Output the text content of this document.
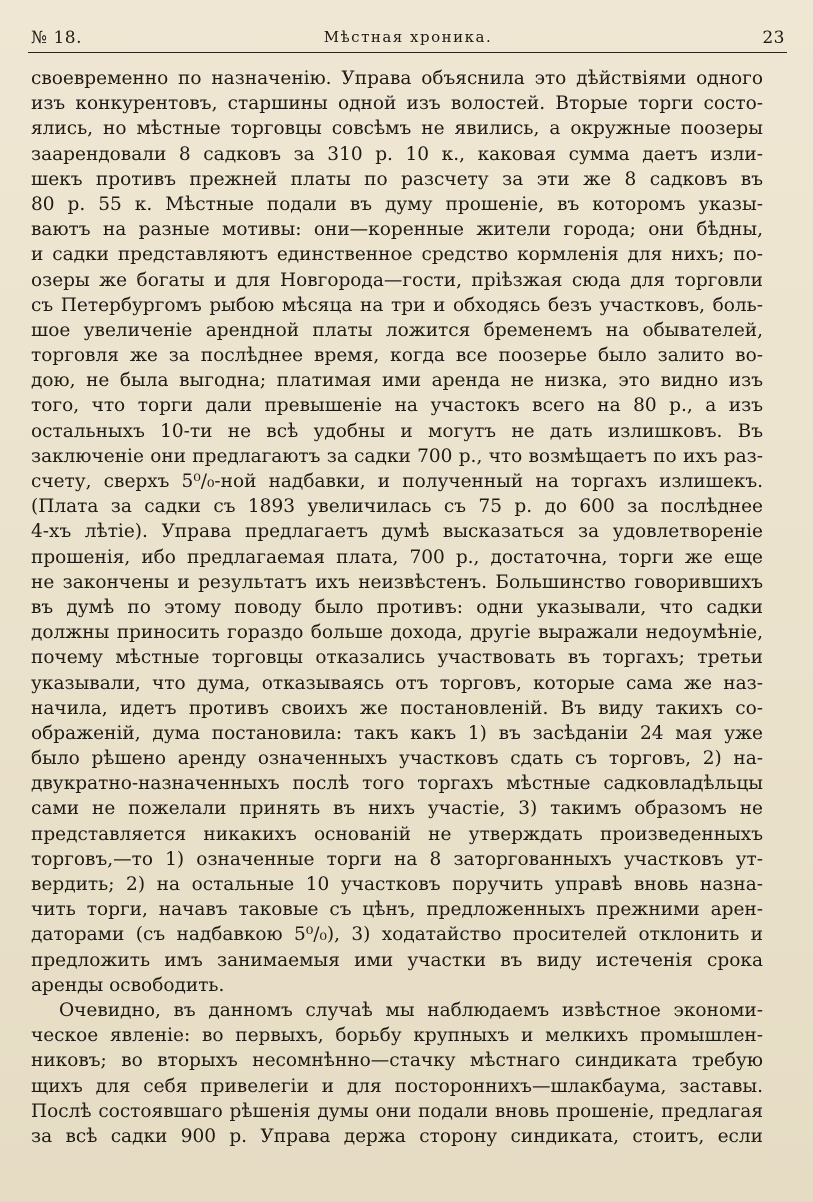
№ 18.	Мѣстная хроника.	23
своевременно по назначенію. Управа объяснила это дѣйствіями одного
изъ конкурентовъ, старшины одной изъ волостей. Вторые торги состо-
ялись, но мѣстные торговцы совсѣмъ не явились, а окружные поозеры
заарендовали 8 садковъ за 310 р. 10 к., каковая сумма даетъ изли-
шекъ противъ прежней платы по разсчету за эти же 8 садковъ въ
80 р. 55 к. Мѣстные подали въ думу прошеніе, въ которомъ указы-
ваютъ на разные мотивы: они—коренные жители города; они бѣдны,
и садки представляютъ единственное средство кормленія для нихъ; по-
озеры же богаты и для Новгорода—гости, пріѣзжая сюда для торговли
съ Петербургомъ рыбою мѣсяца на три и обходясь безъ участковъ, боль-
шое увеличеніе арендной платы ложится бременемъ на обывателей,
торговля же за послѣднее время, когда все поозерье было залито во-
дою, не была выгодна; платимая ими аренда не низка, это видно изъ
того, что торги дали превышеніе на участокъ всего на 80 р., а изъ
остальныхъ 10-ти не всѣ удобны и могутъ не дать излишковъ. Въ
заключеніе они предлагаютъ за садки 700 р., что возмѣщаетъ по ихъ раз-
счету, сверхъ 5⁰/₀-ной надбавки, и полученный на торгахъ излишекъ.
(Плата за садки съ 1893 увеличилась съ 75 р. до 600 за послѣднее
4-хъ лѣтіе). Управа предлагаетъ думѣ высказаться за удовлетвореніе
прошенія, ибо предлагаемая плата, 700 р., достаточна, торги же еще
не закончены и результатъ ихъ неизвѣстенъ. Большинство говорившихъ
въ думѣ по этому поводу было противъ: одни указывали, что садки
должны приносить гораздо больше дохода, другіе выражали недоумѣніе,
почему мѣстные торговцы отказались участвовать въ торгахъ; третьи
указывали, что дума, отказываясь отъ торговъ, которые сама же наз-
начила, идетъ противъ своихъ же постановленій. Въ виду такихъ со-
ображеній, дума постановила: такъ какъ 1) въ засѣданіи 24 мая уже
было рѣшено аренду означенныхъ участковъ сдать съ торговъ, 2) на-
двукратно-назначенныхъ послѣ того торгахъ мѣстные садковладѣльцы
сами не пожелали принять въ нихъ участіе, 3) такимъ образомъ не
представляется никакихъ основаній не утверждать произведенныхъ
торговъ,—то 1) означенные торги на 8 заторгованныхъ участковъ ут-
вердить; 2) на остальные 10 участковъ поручить управѣ вновь назна-
чить торги, начавъ таковые съ цѣнъ, предложенныхъ прежними арен-
даторами (съ надбавкою 5⁰/₀), 3) ходатайство просителей отклонить и
предложить имъ занимаемыя ими участки въ виду истеченія срока
аренды освободить.
Очевидно, въ данномъ случаѣ мы наблюдаемъ извѣстное экономи-
ческое явленіе: во первыхъ, борьбу крупныхъ и мелкихъ промышлен-
никовъ; во вторыхъ несомнѣнно—стачку мѣстнаго синдиката требую
щихъ для себя привелегіи и для постороннихъ—шлакбаума, заставы.
Послѣ состоявшаго рѣшенія думы они подали вновь прошеніе, предлагая
за всѣ садки 900 р. Управа держа сторону синдиката, стоитъ, если
